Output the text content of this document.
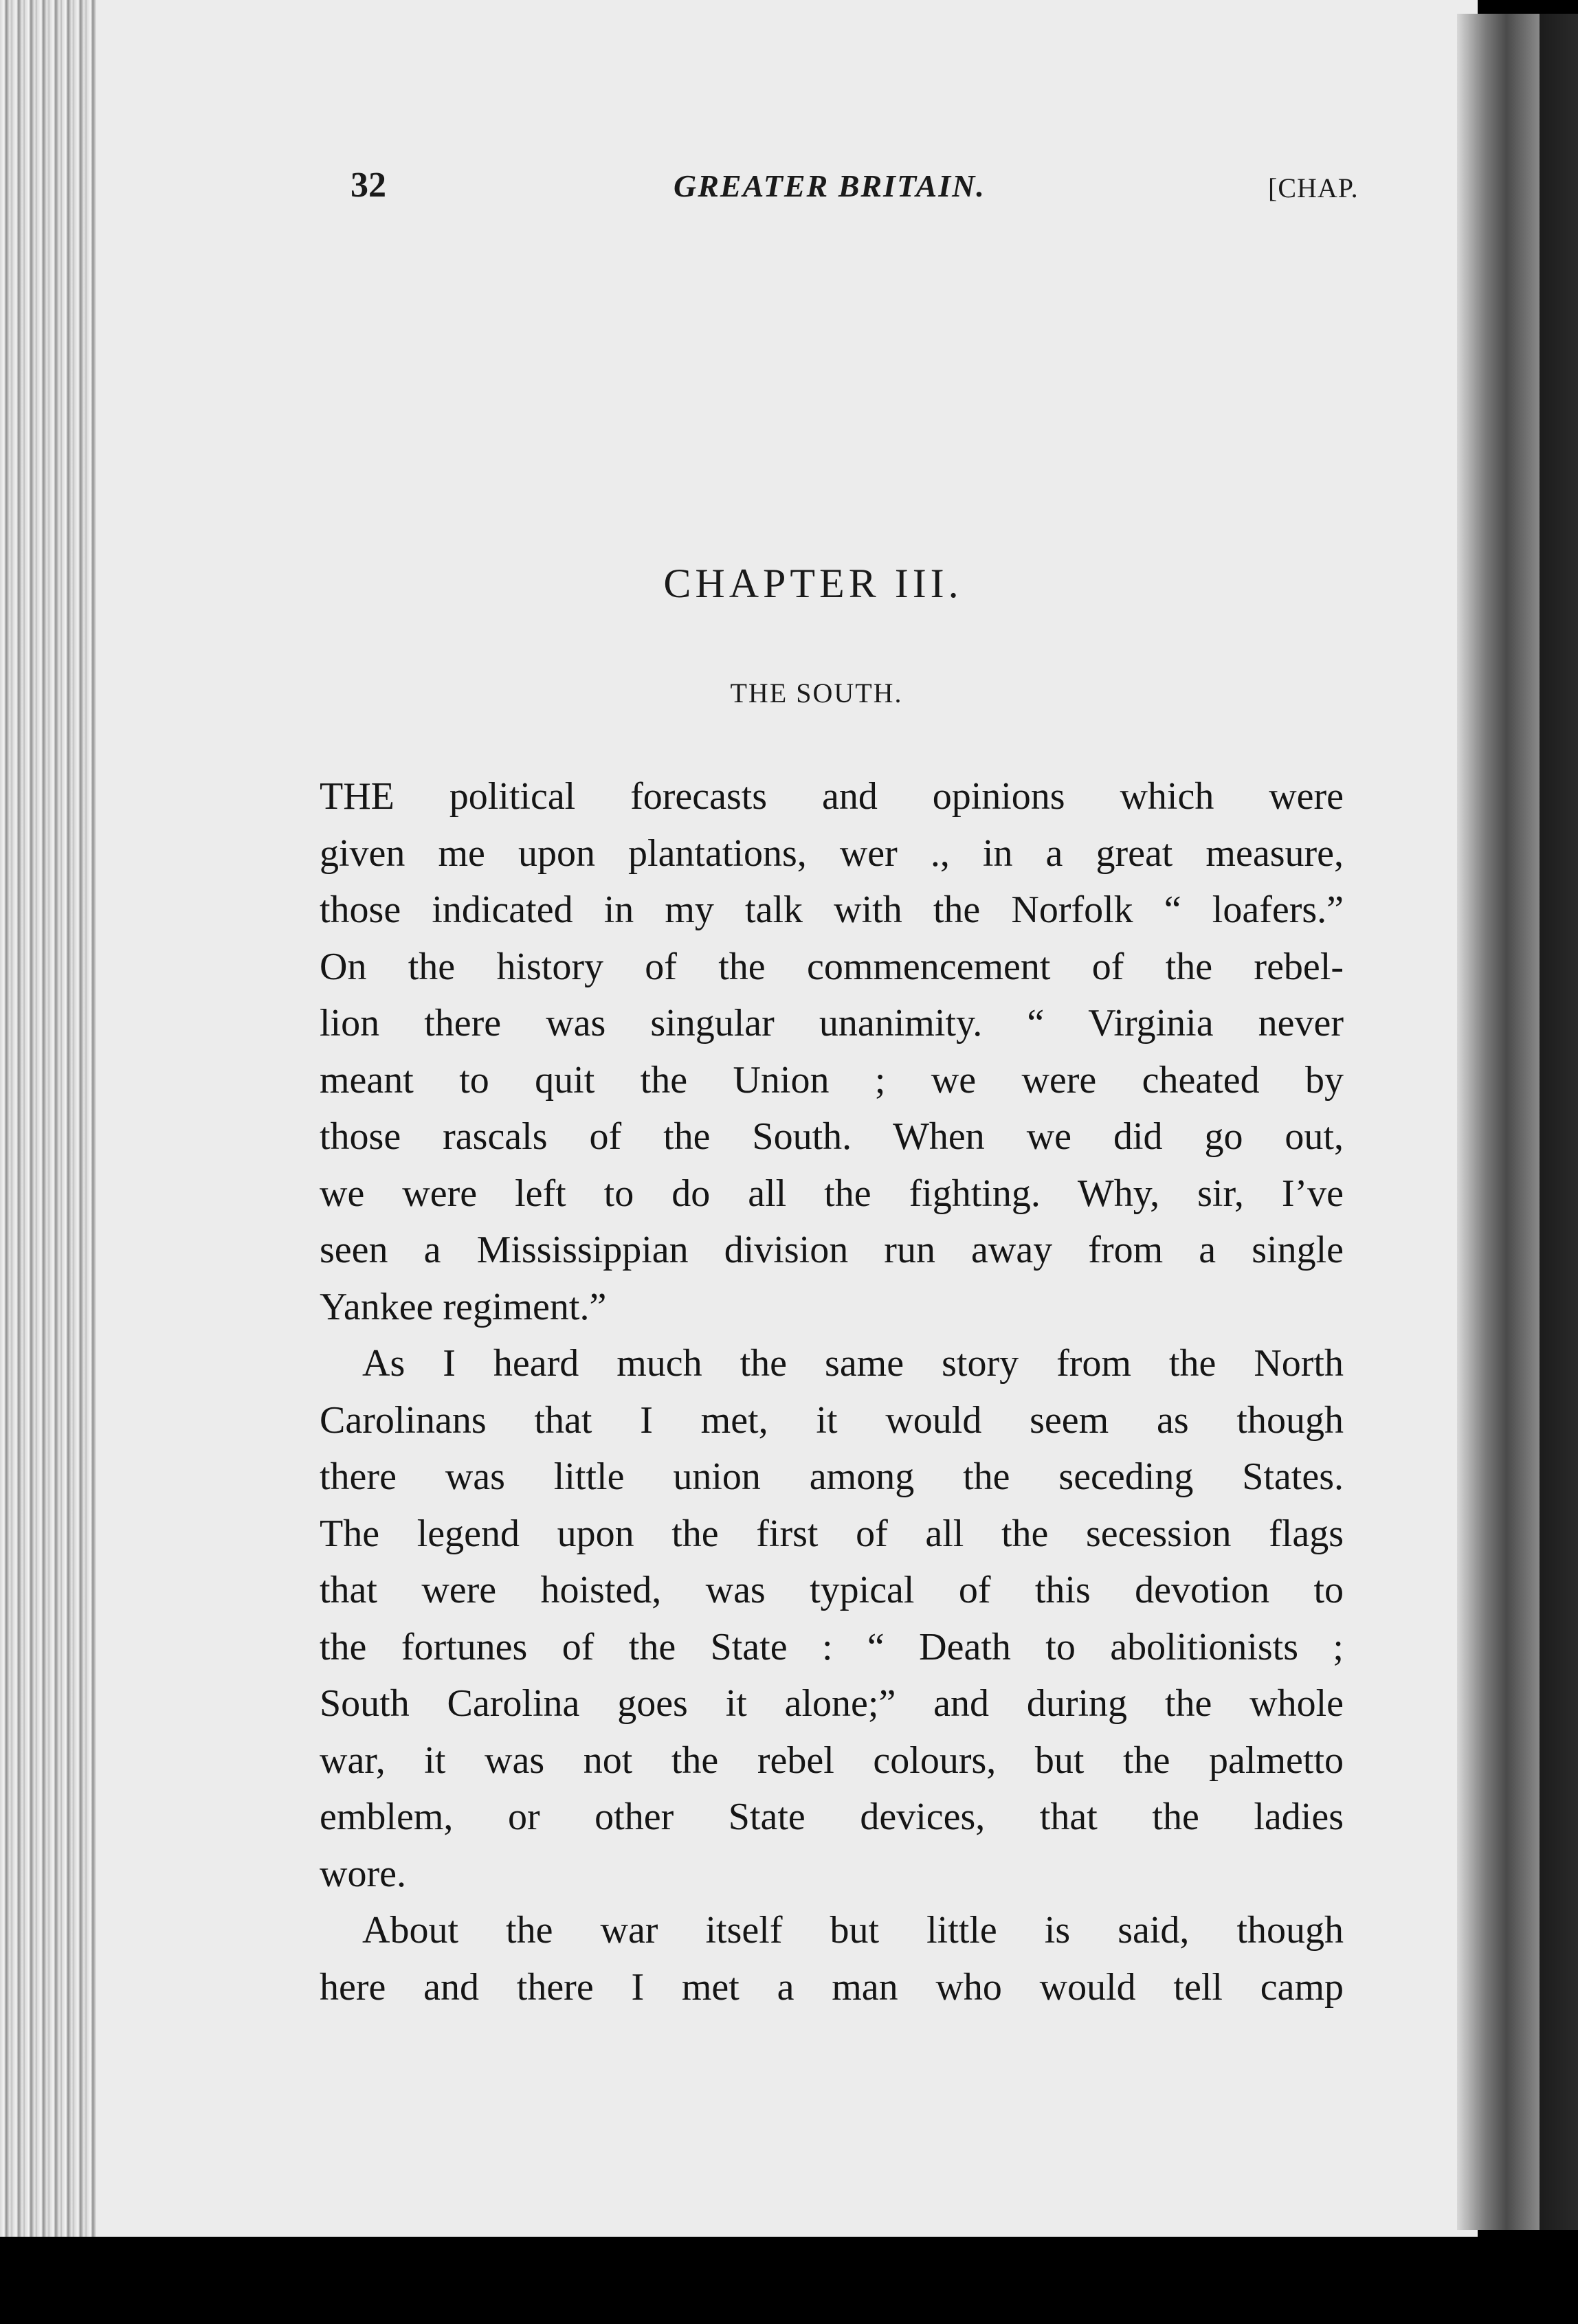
32	GREATER BRITAIN.	[CHAP.
CHAPTER III.
THE SOUTH.

THE political forecasts and opinions which were
given me upon plantations, wer ., in a great measure,
those indicated in my talk with the Norfolk “ loafers.”
On the history of the commencement of the rebel-
lion there was singular unanimity. “ Virginia never
meant to quit the Union ; we were cheated by
those rascals of the South. When we did go out,
we were left to do all the fighting. Why, sir, I’ve
seen a Mississippian division run away from a single
Yankee regiment.”

As I heard much the same story from the North
Carolinans that I met, it would seem as though
there was little union among the seceding States.
The legend upon the first of all the secession flags
that were hoisted, was typical of this devotion to
the fortunes of the State : “ Death to abolitionists ;
South Carolina goes it alone;” and during the whole
war, it was not the rebel colours, but the palmetto
emblem, or other State devices, that the ladies
wore.

About the war itself but little is said, though
here and there I met a man who would tell camp
